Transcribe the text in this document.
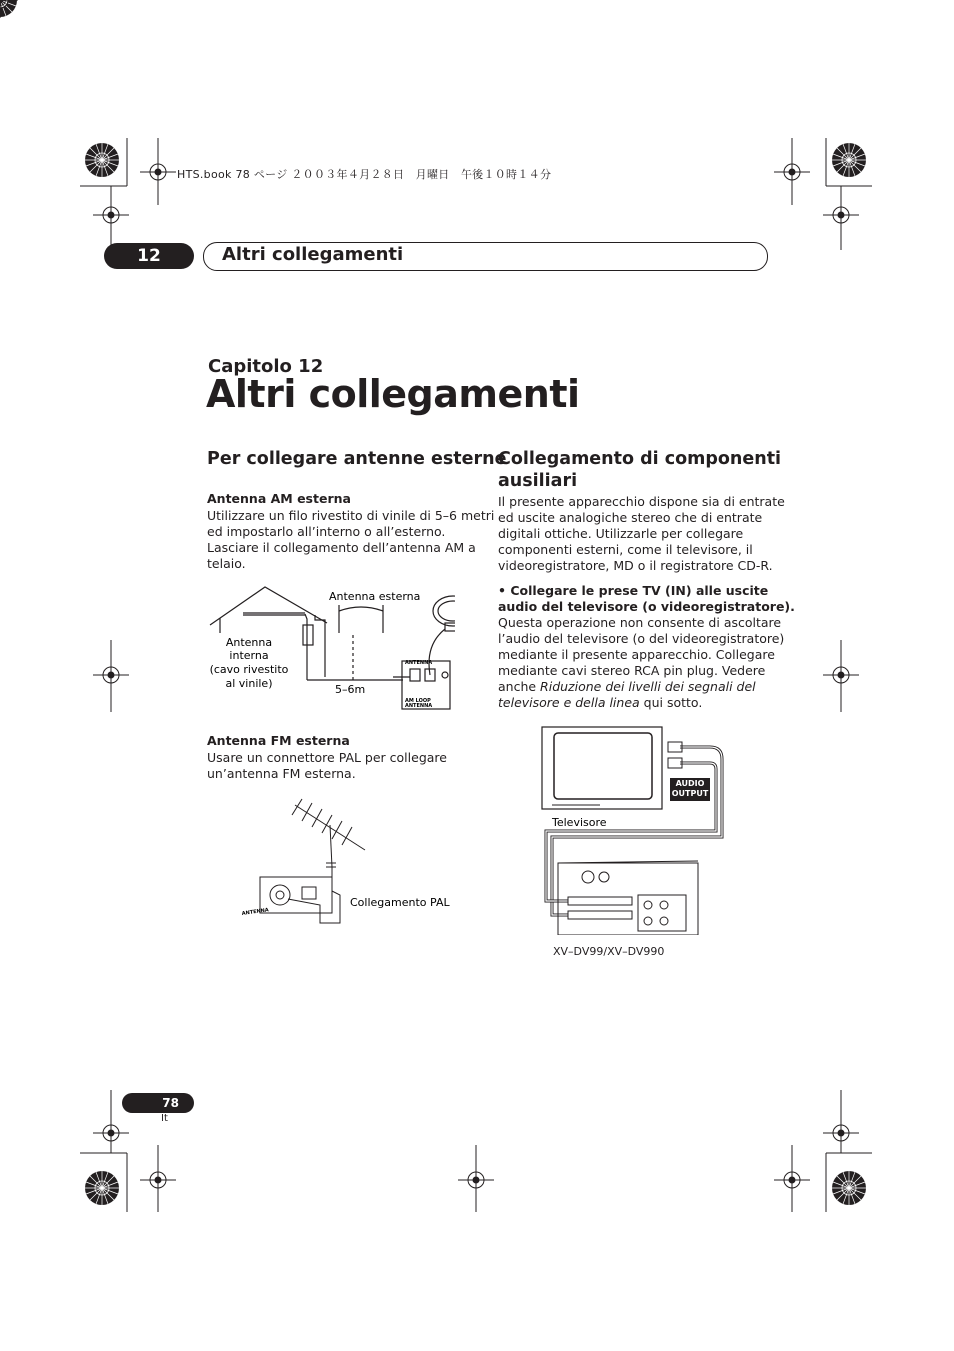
HTS.book 78 ページ ２００３年４月２８日　月曜日　午後１０時１４分
12	Altri collegamenti
Capitolo 12
Altri collegamenti
Per collegare antenne esterne
Antenna AM esterna

Utilizzare un filo rivestito di vinile di 5–6 metri

ed impostarlo all’interno o all’esterno.

Lasciare il collegamento dell’antenna AM a

telaio.

ANTENNA
AM LOOP
ANTENNA
Antenna esterna
Antenna
interna
(cavo rivestito
al vinile)	5–6m
Antenna FM esterna

Usare un connettore PAL per collegare

un’antenna FM esterna.

ANTENNA
Collegamento PAL
Collegamento di componenti
ausiliari

Il presente apparecchio dispone sia di entrate

ed uscite analogiche stereo che di entrate

digitali ottiche. Utilizzarle per collegare

componenti esterni, come il televisore, il

videoregistratore, MD o il registratore CD-R.

• Collegare le prese TV (IN) alle uscite
audio del televisore (o videoregistratore).

Questa operazione non consente di ascoltare

l’audio del televisore (o del videoregistratore)

mediante il presente apparecchio. Collegare

mediante cavi stereo RCA pin plug. Vedere

anche Riduzione dei livelli dei segnali del

televisore e della linea qui sotto.

Televisore
AUDIO
OUTPUT
XV–DV99/XV–DV990
78
It
